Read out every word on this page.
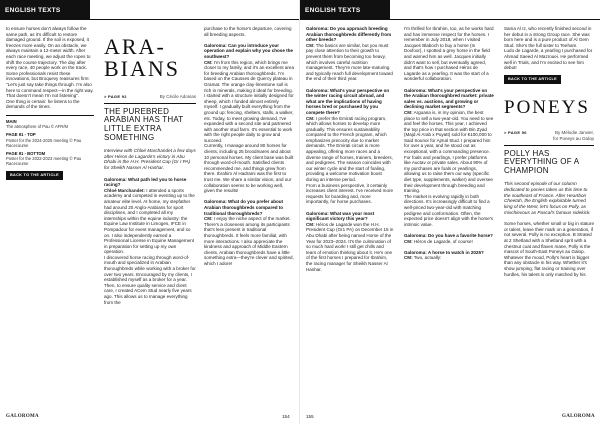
ENGLISH TEXTS

to ensure horses don't always follow the same path, as it's difficult to restore damaged ground. If the soil is exposed, it freezes more easily. On an obstacle, we always maintain a 12-meter width. After each race meeting, we adjust the ropes to shift the course trajectory. The day after every race, 40 people work on the track.

Some professionals resist these innovations, but Broquevy reassures firm: "Let's just say take things through. I'm also here to command respect—in the right way. That doesn't mean I'm not listening".

One thing is certain: he listens to the demands of the times.

MAIN
The atmosphere of Pau © AFR/M
PAGE 91 - TOP
Poster for the 2024-2025 meeting © Pau Racecourse
PAGE 91 - BOTTOM
Poster for the 2022-2023 meeting © Pau Racecourse
BACK TO THE ARTICLE
ARA-
BIANS
> PAGE 92	By Cécile Adonias
THE PUREBRED ARABIAN HAS THAT LITTLE EXTRA SOMETHING
Interview with Chloé Marchandet a few days after Héros de Lagarde's victory in Abu Dhabi in the H.H. President Cup (Gr I PA) for Sheikh Nasser Al Hashar.

Galoroma: What path led you to horse racing?

Chloé Marchandet: I attended a sports academy and competed in eventing up to the amateur elite level. At home, my stepfather had around 20 Anglo-Arabians for sport disciplines, and I completed all my internships within the equine industry: the Equine Law Institute in Limoges, IFCE in Pompadour for event management, and so on. I also independently earned a Professional License in Equine Management in preparation for setting up my own operation.

I discovered horse racing through word-of-mouth and specialized in Arabian thoroughbreds while working with a broker for over two years. Encouraged by my clients, I established myself as a broker for a year. Then, to ensure quality service and client care, I created ACem Stud nearly five years ago. This allows us to manage everything from the

purchase to the horse's departure, covering all breeding aspects.

Galoroma: Can you introduce your operation and explain why you chose the southwest?

CM: I'm from this region, which brings me closer to my family, and it's an excellent area for breeding Arabian thoroughbreds. I'm based on the Causses de Quercy plateau in Gramat. The orange clay-limestone soil is rich in minerals, making it ideal for breeding.

I started with a structure initially designed for sheep, which I funded almost entirely myself. I gradually built everything from the ground up: fencing, shelters, stalls, a walker, etc. Today, to meet growing demand, I've expanded with a second site and partnered with another stud farm. It's essential to work with the right people daily to grow and succeed.

Currently, I manage around 80 horses for clients, including 25 broodmares and about 10 personal horses. My client base was built through word-of-mouth. Satisfied clients recommended me, and things grew from there. Ibrahim Al Hadrami was the first to trust me. We share a similar vision, and our collaboration seems to be working well, given the results!

Galoroma: What do you prefer about Arabian thoroughbreds compared to traditional thoroughbreds?

CM: I enjoy the niche aspect of the market. There's a closeness among its participants that's less present in traditional thoroughbreds. It feels more familial, with more interactions. I also appreciate the kindness and approach of Middle Eastern clients. Arabian thoroughbreds have a little something extra—they're clever and spirited, which I adore!

GALOROMA	154
ENGLISH TEXTS

Galoroma: Do you approach breeding Arabian thoroughbreds differently from other breeds?

CM: The basics are similar, but you must pay close attention to their growth to prevent them from becoming too heavy, which involves careful nutrition management. They're more late-maturing and typically reach full development toward the end of their third year.

Galoroma: What's your perspective on the winter racing circuit abroad, and what are the implications of having horses bred or purchased by you compete there?

CM: I prefer the Emirati racing program, which allows horses to develop more gradually. This ensures sustainability compared to the French program, which emphasizes precocity due to market demands. The Emirati circuit is more appealing, offering more races and a diverse range of horses, trainers, breeders, and pedigrees. The season coincides with our winter cycle and the start of foaling, providing a welcome motivation boost during an intense period.

From a business perspective, it certainly increases client interest. I've received more requests for boarding and, more importantly, for horse purchases.

Galoroma: What was your most significant victory this year?

CM: Héros de Lagarde won the H.H. President Cup (Gr1 PA) on December 15 in Abu Dhabi after being named Horse of the Year for 2023–2024. It's the culmination of so much hard work! I still get chills and tears of emotion thinking about it. He's one of the first horses I prepared for Ibrahim, the racing manager for Sheikh Nasser Al Hashar.

I'm thrilled for Ibrahim, too, as he works hard and has immense respect for the horses. I remember in July 2018, when I visited Jacques Blaboch to buy a horse (Is Doxfoor), I spotted a grey horse in the field and warned him as well. Jacques initially didn't want to sell, but eventually agreed, and that's how I purchased Héros de Lagarde as a yearling. It was the start of a wonderful collaboration.

Galoroma: What's your perspective on the Arabian thoroughbred market: private sales vs. auctions, and growing or declining market segments?

CM: Arguana is, in my opinion, the best place to sell a two-year-old. You need to see and feel the horses. This year, I achieved the top price in that section with Bin Zyad (Majd Al Arab x Puyatt) sold for €100,000 to Said Sounor for Ajmal Stud. I prepared him for over a year, and he stood out as exceptional, with a commanding presence.

For foals and yearlings, I prefer platforms like Auctav or private sales. About 90% of my purchases are foals or yearlings, allowing us to raise them our way (specific diet type, supplements, walker) and oversee their development through breeding and training.

The market is evolving rapidly in both directions. It's increasingly difficult to find a well-priced two-year-old with matching pedigree and conformation. Often, the expected price doesn't align with the horse's intrinsic value.

Galoroma: Do you have a favorite horse?

CM: Héros de Lagarde, of course!

Galoroma: A horse to watch in 2025?

CM: Two, actually:

Sama Al Iz, who recently finished second in her debut in a strong Group race. She was born here and is a pure product of Al Gem Stud. She's the full sister to Teeham.

Ludo de Lagarde, a yearling I purchased for Ahmad Saeed Al Mazrouei. He performed well in Trials, and I'm excited to see him debut!

BACK TO THE ARTICLE
PONEYS
> PAGE 96	By Mélodie Janvier,
for Poneys au Galop
POLLY HAS EVERYTHING OF A CHAMPION
This second episode of our column dedicated to ponies takes us this time to the southeast of France. After Heartbon Cheetah, the English exploitable turned king of the West, let's focus on Polly, as mischievous as Pascal's famous sidekick.

Some horses, whether small or big in stature or talent, leave their mark on a generation, if not several. Polly is no exception. B Strated at 2 Shetland with a Shetland sprit with a chestnut coat and flaxen mane, Polly is the mascot of South-East Poneys au Galop. Whatever the mood, Polly's heart is bigger than any obstacle in his way. Whether it's show jumping, flat racing or training over hurdles, his talent is only matched by his

155	GALOROMA
